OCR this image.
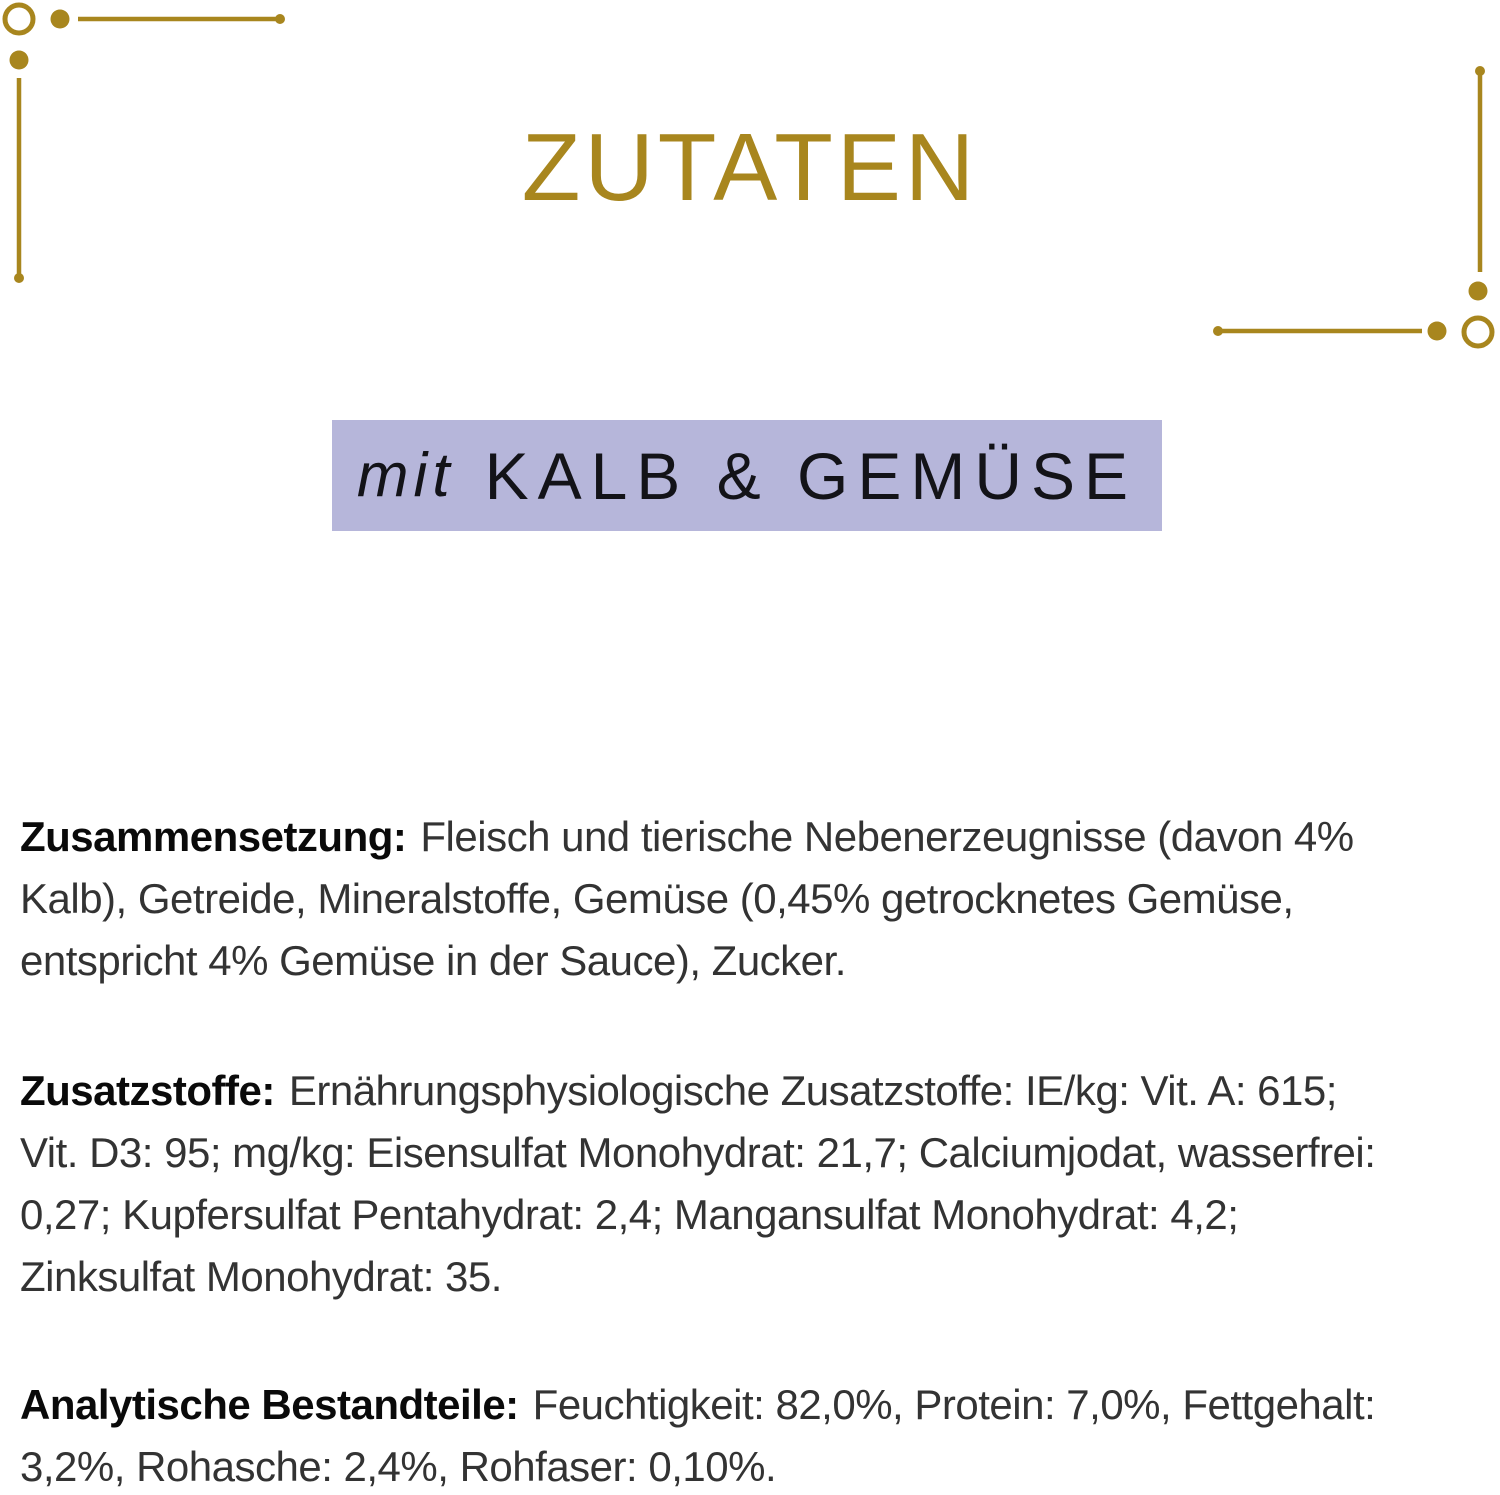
ZUTATEN
mit KALB & GEMÜSE
Zusammensetzung: Fleisch und tierische Nebenerzeugnisse (davon 4%
Kalb), Getreide, Mineralstoffe, Gemüse (0,45% getrocknetes Gemüse,
entspricht 4% Gemüse in der Sauce), Zucker.
Zusatzstoffe: Ernährungsphysiologische Zusatzstoffe: IE/kg: Vit. A: 615;
Vit. D3: 95; mg/kg: Eisensulfat Monohydrat: 21,7; Calciumjodat, wasserfrei:
0,27; Kupfersulfat Pentahydrat: 2,4; Mangansulfat Monohydrat: 4,2;
Zinksulfat Monohydrat: 35.
Analytische Bestandteile: Feuchtigkeit: 82,0%, Protein: 7,0%, Fettgehalt:
3,2%, Rohasche: 2,4%, Rohfaser: 0,10%.
